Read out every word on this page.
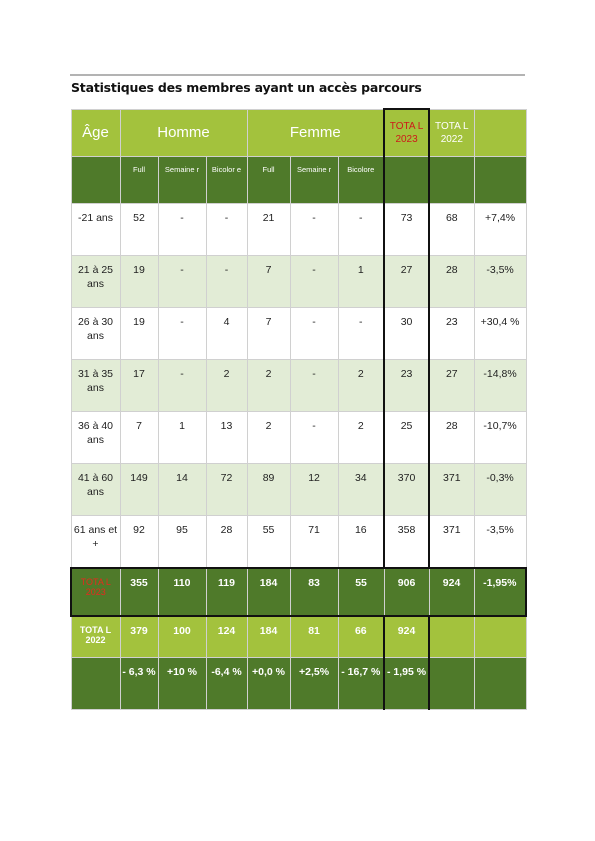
Statistiques des membres ayant un accès parcours
Âge	Homme			Femme			TOTA L 2023	TOTA L 2022	
	Full	Semaine r	Bicolor e	Full	Semaine r	Bicolore			
-21 ans	52	-	-	21	-	-	73	68	+7,4%
21 à 25 ans	19	-	-	7	-	1	27	28	-3,5%
26 à 30 ans	19	-	4	7	-	-	30	23	+30,4 %
31 à 35 ans	17	-	2	2	-	2	23	27	-14,8%
36 à 40 ans	7	1	13	2	-	2	25	28	-10,7%
41 à 60 ans	149	14	72	89	12	34	370	371	-0,3%
61 ans et +	92	95	28	55	71	16	358	371	-3,5%
TOTA L 2023	355	110	119	184	83	55	906	924	-1,95%
TOTA L 2022	379	100	124	184	81	66	924		
	- 6,3 %	+10 %	-6,4 %	+0,0 %	+2,5%	- 16,7 %	- 1,95 %		
